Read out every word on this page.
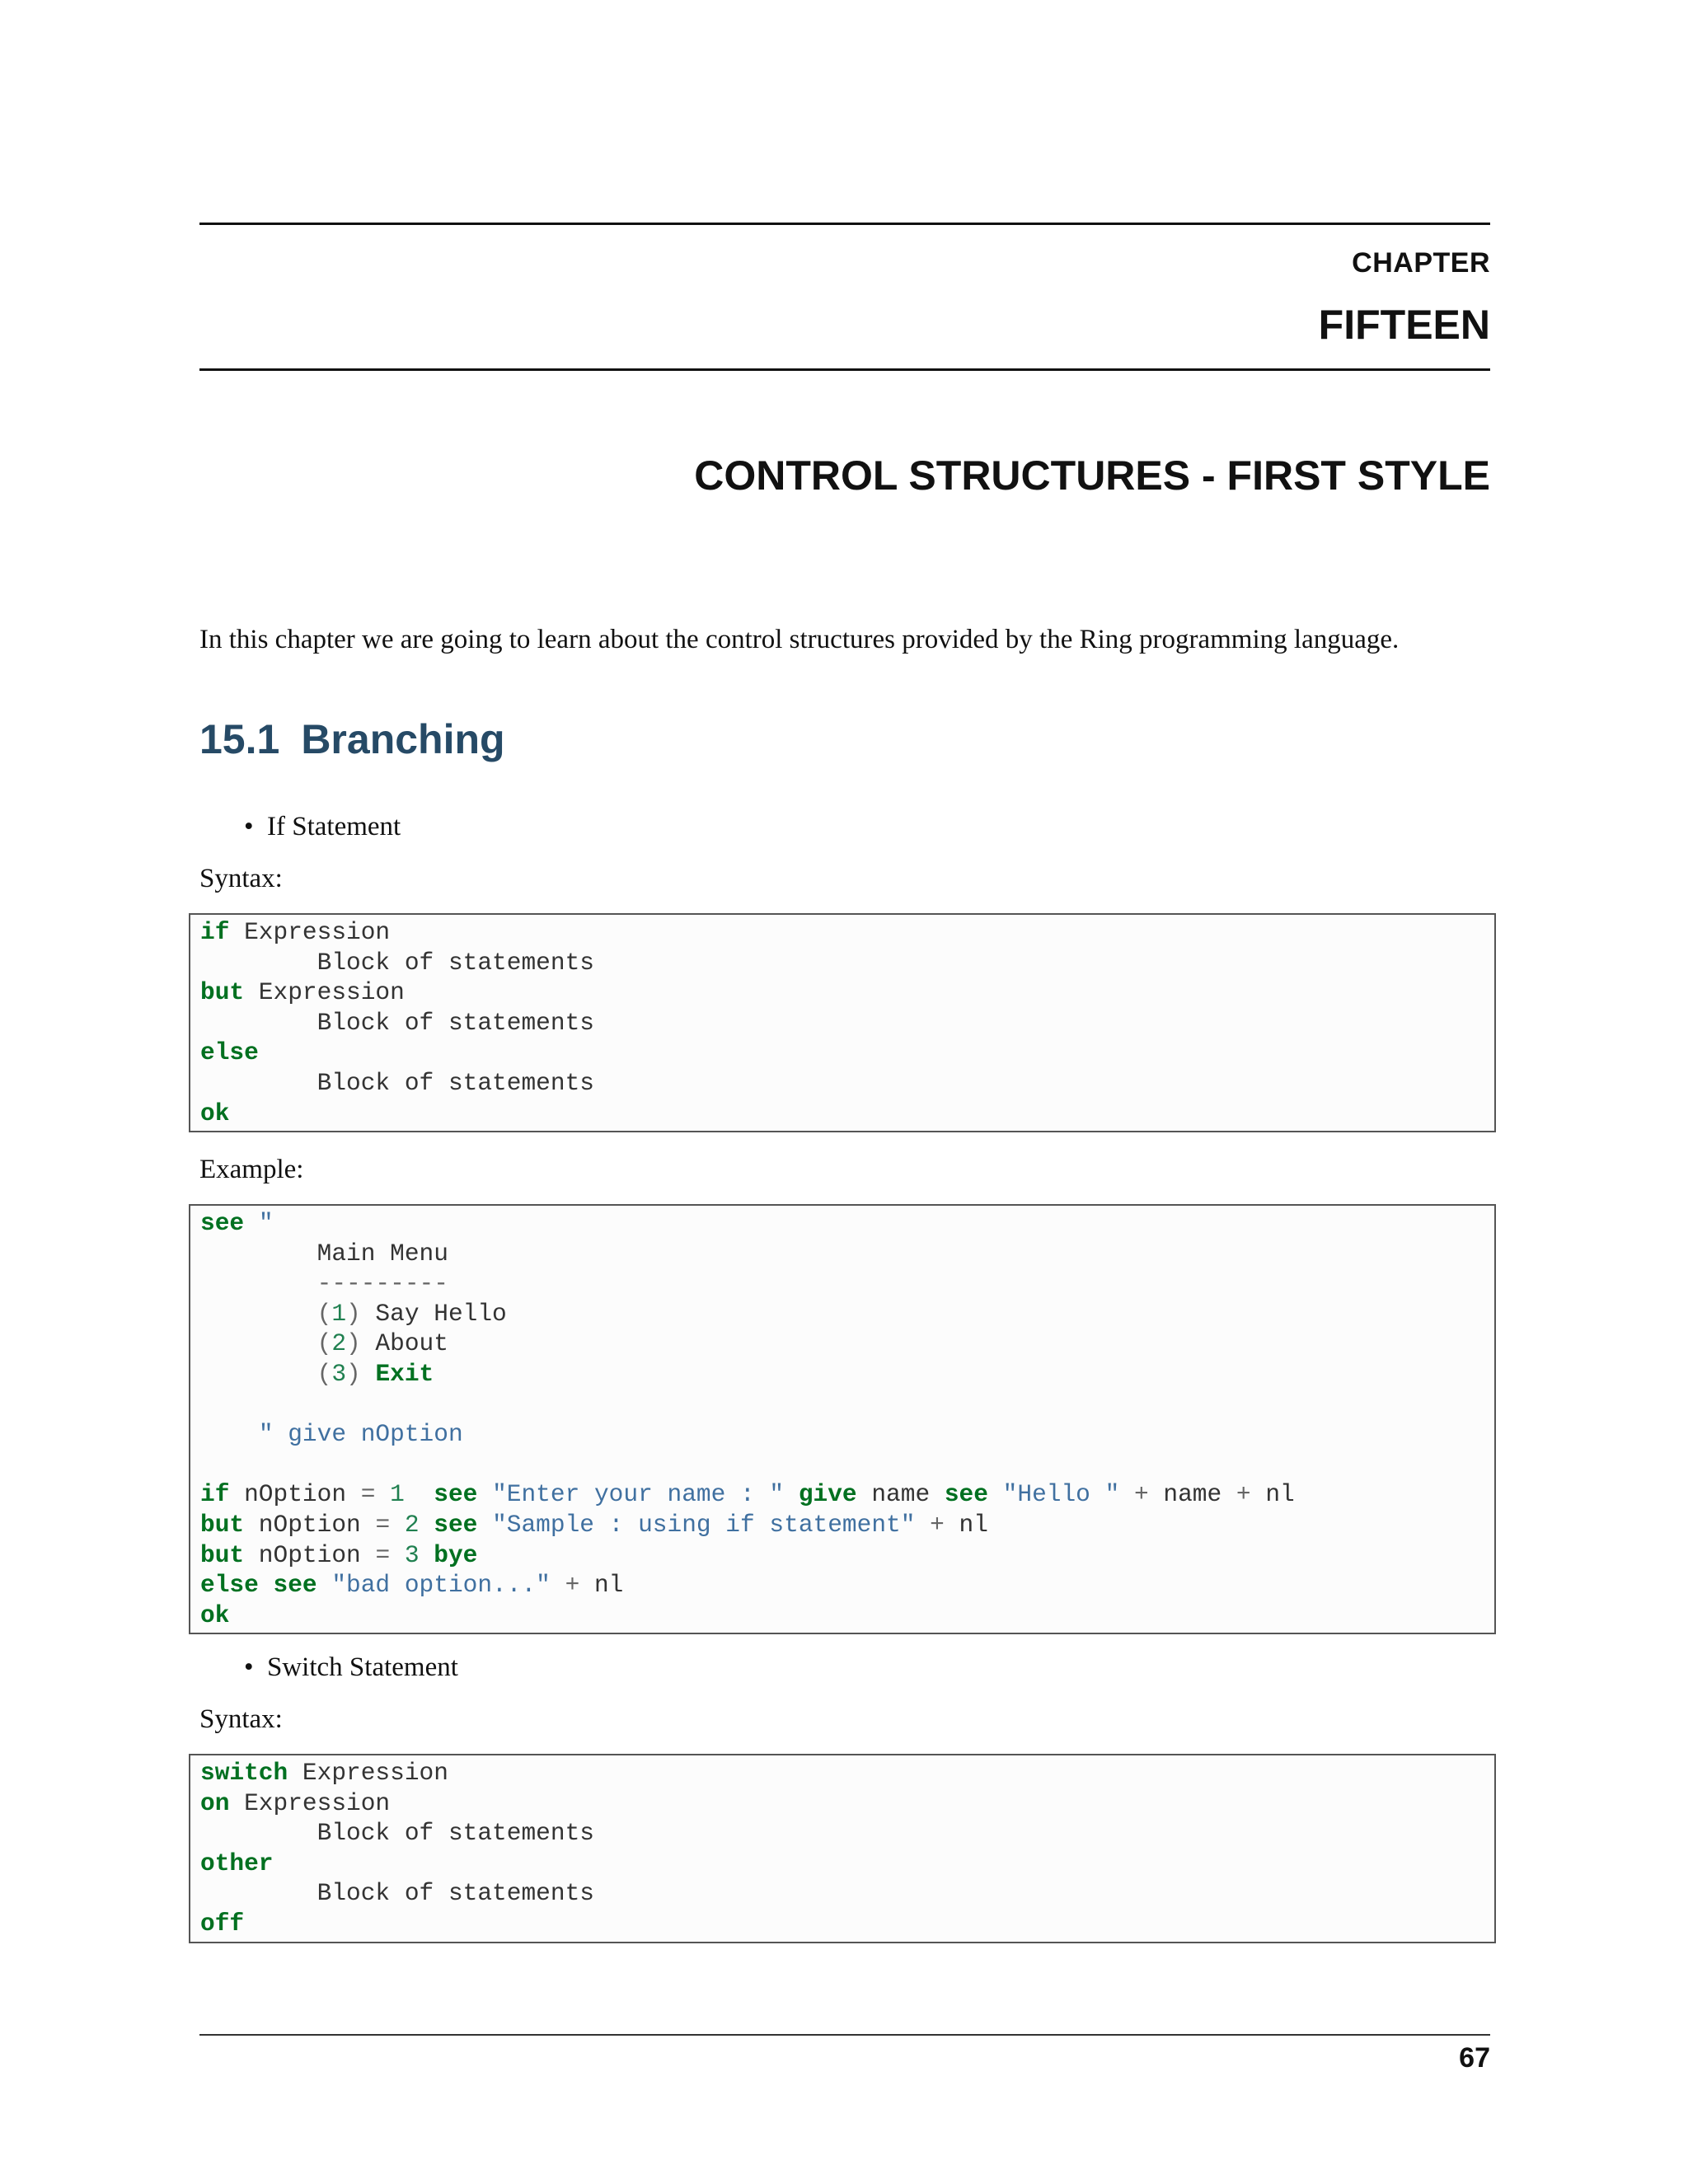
CHAPTER
FIFTEEN
CONTROL STRUCTURES - FIRST STYLE
In this chapter we are going to learn about the control structures provided by the Ring programming language.
15.1 Branching
• If Statement
Syntax:
if Expression
Block of statements
but Expression
Block of statements
else
Block of statements
ok
Example:
see "
Main Menu
---------
(1) Say Hello
(2) About
(3) Exit
" give nOption
if nOption = 1 see "Enter your name : " give name see "Hello " + name + nl
but nOption = 2 see "Sample : using if statement" + nl
but nOption = 3 bye
else see "bad option..." + nl
ok
• Switch Statement
Syntax:
switch Expression
on Expression
Block of statements
other
Block of statements
off
67
